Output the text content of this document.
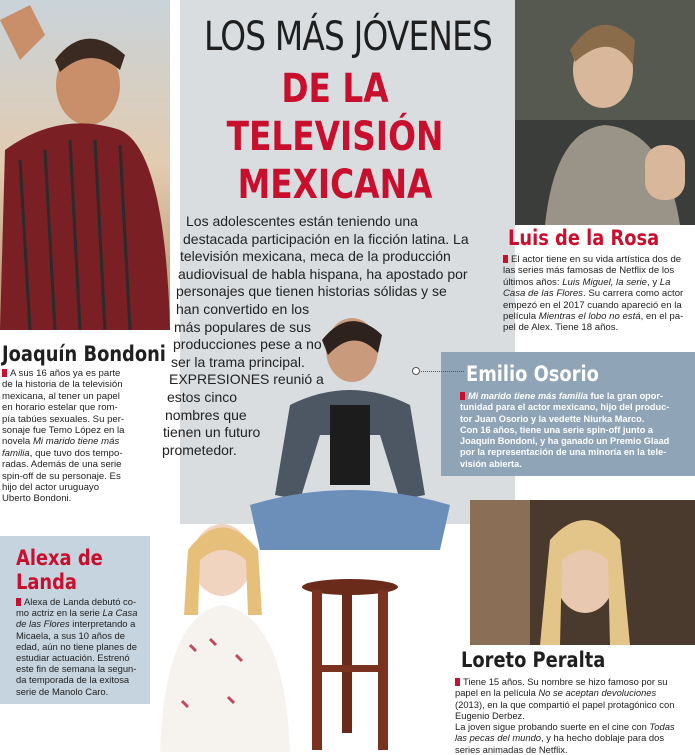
LOS MÁS JÓVENES
DE LA
TELEVISIÓN
MEXICANA
Los adolescentes están teniendo una
destacada participación en la ficción latina. La
televisión mexicana, meca de la producción
audiovisual de habla hispana, ha apostado por
personajes que tienen historias sólidas y se
han convertido en los
más populares de sus
producciones pese a no
ser la trama principal.
EXPRESIONES reunió a
estos cinco
nombres que
tienen un futuro
prometedor.
Joaquín Bondoni
A sus 16 años ya es parte
de la historia de la televisión
mexicana, al tener un papel
en horario estelar que rom-
pía tabúes sexuales. Su per-
sonaje fue Temo López en la
novela Mi marido tiene más
familia, que tuvo dos tempo-
radas. Además de una serie
spin-off de su personaje. Es
hijo del actor uruguayo
Uberto Bondoni.
Luis de la Rosa
El actor tiene en su vida artística dos de
las series más famosas de Netflix de los
últimos años: Luis Miguel, la serie, y La
Casa de las Flores. Su carrera como actor
empezó en el 2017 cuando apareció en la
película Mientras el lobo no está, en el pa-
pel de Alex. Tiene 18 años.
Emilio Osorio
Mi marido tiene más familia fue la gran opor-
tunidad para el actor mexicano, hijo del produc-
tor Juan Osorio y la vedette Niurka Marco.
Con 16 años, tiene una serie spin-off junto a
Joaquín Bondoni, y ha ganado un Premio Glaad
por la representación de una minoría en la tele-
visión abierta.
Alexa de
Landa
Alexa de Landa debutó co-
mo actriz en la serie La Casa
de las Flores interpretando a
Micaela, a sus 10 años de
edad, aún no tiene planes de
estudiar actuación. Estrenó
este fin de semana la segun-
da temporada de la exitosa
serie de Manolo Caro.
Loreto Peralta
Tiene 15 años. Su nombre se hizo famoso por su
papel en la película No se aceptan devoluciones
(2013), en la que compartió el papel protagónico con
Eugenio Derbez.
La joven sigue probando suerte en el cine con Todas
las pecas del mundo, y ha hecho doblaje para dos
series animadas de Netflix.
